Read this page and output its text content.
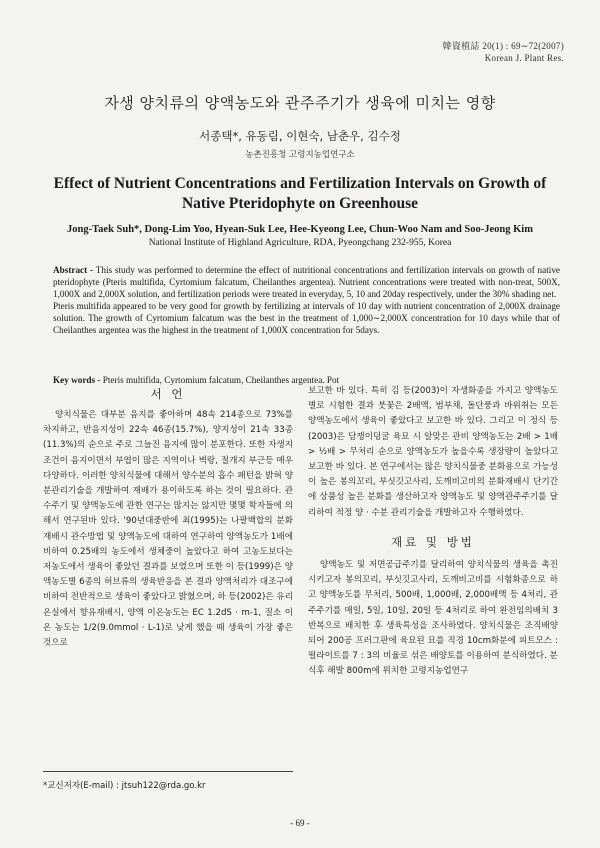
韓資植誌 20(1) : 69∼72(2007)
Korean J. Plant Res.
자생 양치류의 양액농도와 관주주기가 생육에 미치는 영향
서종택*, 유동림, 이현숙, 남춘우, 김수정
농촌진흥청 고령지농업연구소
Effect of Nutrient Concentrations and Fertilization Intervals on Growth of Native Pteridophyte on Greenhouse
Jong-Taek Suh*, Dong-Lim Yoo, Hyean-Suk Lee, Hee-Kyeong Lee, Chun-Woo Nam and Soo-Jeong Kim
National Institute of Highland Agriculture, RDA, Pyeongchang 232-955, Korea

Abstract - This study was performed to determine the effect of nutritional concentrations and fertilization intervals on growth of native pteridophyte (Pteris multifida, Cyrtomium falcatum, Cheilanthes argentea). Nutrient concentrations were treated with non-treat, 500X, 1,000X and 2,000X solution, and fertilization periods were treated in everyday, 5, 10 and 20day respectively, under the 30% shading net.

Pteris multifida appeared to be very good for growth by fertilizing at intervals of 10 day with nutrient concentration of 2,000X drainage solution. The growth of Cyrtomium falcatum was the best in the treatment of 1,000∼2,000X concentration for 10 days while that of Cheilanthes argentea was the highest in the treatment of 1,000X concentration for 5days.

Key words - Pteris multifida, Cyrtomium falcatum, Cheilanthes argentea. Pot
서 언

양치식물은 대부분 음지를 좋아하며 48속 214종으로 73%를 차지하고, 반음지성이 22속 46종(15.7%), 양지성이 21속 33종(11.3%)의 순으로 주로 그늘진 음지에 많이 분포한다. 또한 자생지 조건이 음지이면서 부엽이 많은 지역이나 벽랑, 절개지 부근등 매우 다양하다. 이러한 양치식물에 대해서 양수분의 흡수 패턴을 밝혀 양분관리기술을 개발하여 재배가 용이하도록 하는 것이 필요하다. 관수주기 및 양액농도에 관한 연구는 많지는 않지만 몇몇 학자들에 의해서 연구된바 있다. '90년대중반에 최(1995)는 나팔백합의 분화재배시 관수방법 및 양액농도에 대하여 연구하여 양액농도가 1배에 비하여 0.25배의 농도에서 생체중이 높았다고 하여 고농도보다는 저농도에서 생육이 좋았던 결과를 보였으며 또한 이 등(1999)은 양액농도별 6종의 허브류의 생육반응을 본 결과 양액처리가 대조구에 비하여 전반적으로 생육이 좋았다고 밝혔으며, 하 등(2002)은 유리온실에서 향유재배시, 양액 이온농도는 EC 1.2dS · m-1, 질소 이온 농도는 1/2(9.0mmol · L-1)로 낮게 했을 때 생육이 가장 좋은 것으로

보고한 바 있다. 특히 김 등(2003)이 자생화종을 가지고 양액농도별로 시험한 결과 붓꽃은 2배액, 범부채, 돌단풍과 바위취는 모든 양액농도에서 생육이 좋았다고 보고한 바 있다. 그리고 이 정식 등(2003)은 담쟁이덩굴 육묘 시 알맞은 관비 양액농도는 2배 > 1배 > ½배 > 무처리 순으로 양액농도가 높을수록 생장량이 높았다고 보고한 바 있다. 본 연구에서는 많은 양치식물중 분화용으로 가능성이 높은 봉의꼬리, 부싯깃고사리, 도깨비고비의 분화재배시 단기간에 상품성 높은 분화를 생산하고자 양액농도 및 양액관주주기를 달리하여 적정 양 · 수분 관리기술을 개발하고자 수행하였다.

재료 및 방법

양액농도 및 저면공급주기를 달리하여 양치식물의 생육을 촉진시키고자 봉의꼬리, 부싯깃고사리, 도깨비고비를 시험화종으로 하고 양액농도를 무처리, 500배, 1,000배, 2,000배액 등 4처리, 관주주기를 매일, 5일, 10일, 20일 등 4처리로 하여 완전임의배치 3반복으로 배치한 후 생육특성을 조사하였다. 양치식물은 조직배양되어 200공 프러그판에 육묘된 묘를 직경 10cm화분에 피트모스 : 펄라이트를 7 : 3의 비율로 섞은 배양토를 이용하여 분식하였다. 분식후 해발 800m에 위치한 고령지농업연구

*교신저자(E-mail) : jtsuh122@rda.go.kr
- 69 -
